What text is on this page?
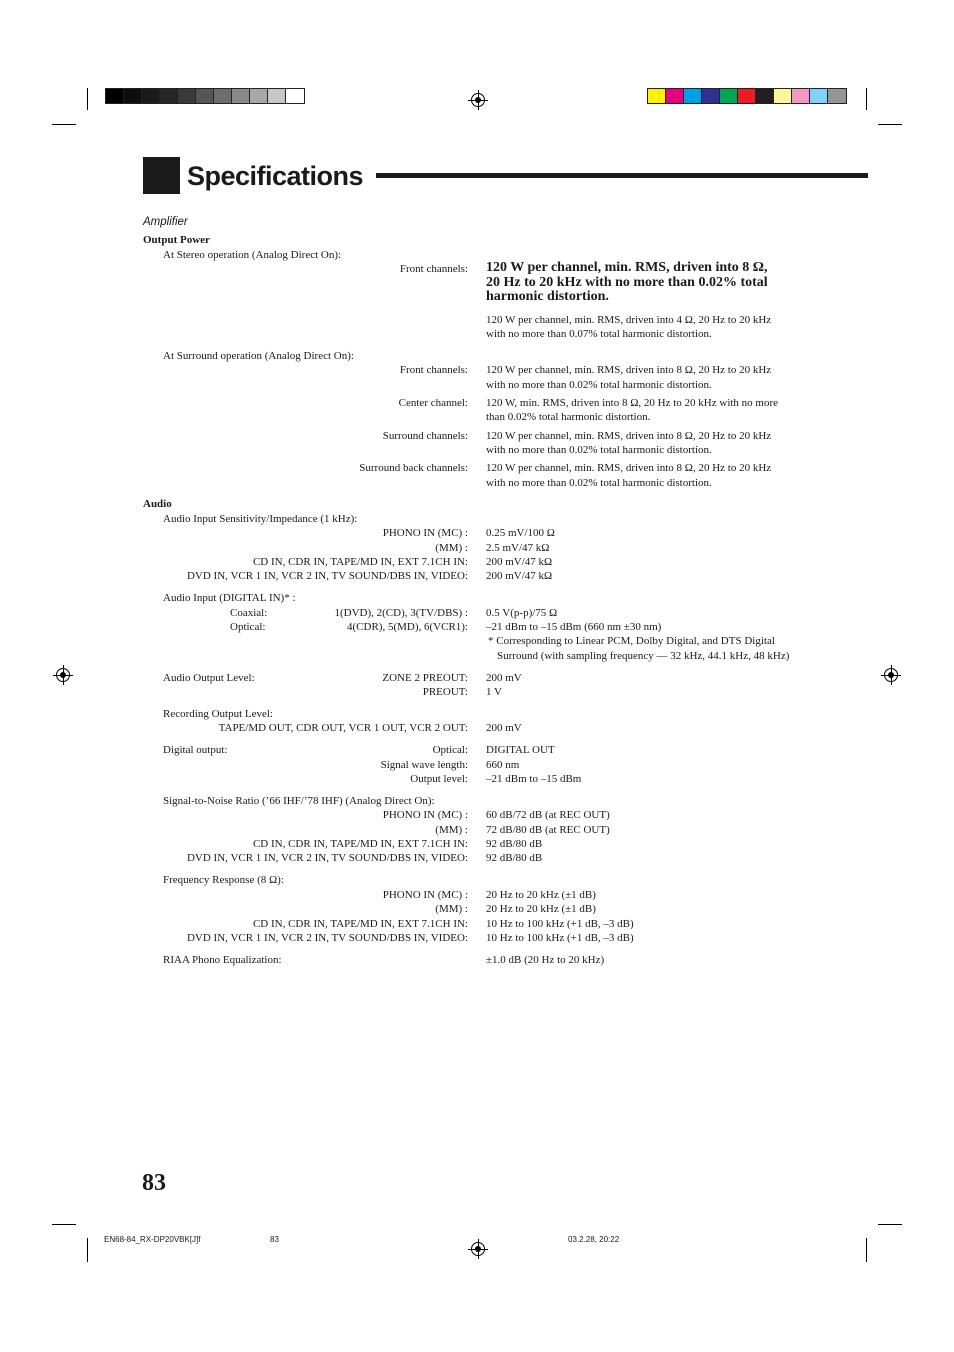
Specifications
Amplifier
Output Power
At Stereo operation (Analog Direct On):
Front channels: 120 W per channel, min. RMS, driven into 8 Ω,
20 Hz to 20 kHz with no more than 0.02% total
harmonic distortion.
120 W per channel, min. RMS, driven into 4 Ω, 20 Hz to 20 kHz
with no more than 0.07% total harmonic distortion.
At Surround operation (Analog Direct On):
Front channels: 120 W per channel, min. RMS, driven into 8 Ω, 20 Hz to 20 kHz
with no more than 0.02% total harmonic distortion.
Center channel: 120 W, min. RMS, driven into 8 Ω, 20 Hz to 20 kHz with no more
than 0.02% total harmonic distortion.
Surround channels: 120 W per channel, min. RMS, driven into 8 Ω, 20 Hz to 20 kHz
with no more than 0.02% total harmonic distortion.
Surround back channels: 120 W per channel, min. RMS, driven into 8 Ω, 20 Hz to 20 kHz
with no more than 0.02% total harmonic distortion.
Audio
Audio Input Sensitivity/Impedance (1 kHz):
PHONO IN (MC) : 0.25 mV/100 Ω
(MM) : 2.5 mV/47 kΩ
CD IN, CDR IN, TAPE/MD IN, EXT 7.1CH IN: 200 mV/47 kΩ
DVD IN, VCR 1 IN, VCR 2 IN, TV SOUND/DBS IN, VIDEO: 200 mV/47 kΩ
Audio Input (DIGITAL IN)* :
Coaxial:	1(DVD), 2(CD), 3(TV/DBS) : 0.5 V(p-p)/75 Ω
Optical:	4(CDR), 5(MD), 6(VCR1): –21 dBm to –15 dBm (660 nm ±30 nm)
* Corresponding to Linear PCM, Dolby Digital, and DTS Digital
Surround (with sampling frequency — 32 kHz, 44.1 kHz, 48 kHz)
Audio Output Level:	ZONE 2 PREOUT: 200 mV
PREOUT: 1 V
Recording Output Level:
TAPE/MD OUT, CDR OUT, VCR 1 OUT, VCR 2 OUT: 200 mV
Digital output:	Optical: DIGITAL OUT
Signal wave length: 660 nm
Output level: –21 dBm to –15 dBm
Signal-to-Noise Ratio (’66 IHF/’78 IHF) (Analog Direct On):
PHONO IN (MC) : 60 dB/72 dB (at REC OUT)
(MM) : 72 dB/80 dB (at REC OUT)
CD IN, CDR IN, TAPE/MD IN, EXT 7.1CH IN: 92 dB/80 dB
DVD IN, VCR 1 IN, VCR 2 IN, TV SOUND/DBS IN, VIDEO: 92 dB/80 dB
Frequency Response (8 Ω):
PHONO IN (MC) : 20 Hz to 20 kHz (±1 dB)
(MM) : 20 Hz to 20 kHz (±1 dB)
CD IN, CDR IN, TAPE/MD IN, EXT 7.1CH IN: 10 Hz to 100 kHz (+1 dB, –3 dB)
DVD IN, VCR 1 IN, VCR 2 IN, TV SOUND/DBS IN, VIDEO: 10 Hz to 100 kHz (+1 dB, –3 dB)
RIAA Phono Equalization:	±1.0 dB (20 Hz to 20 kHz)
83
EN68-84_RX-DP20VBK[J]f	83	03.2.28, 20:22
